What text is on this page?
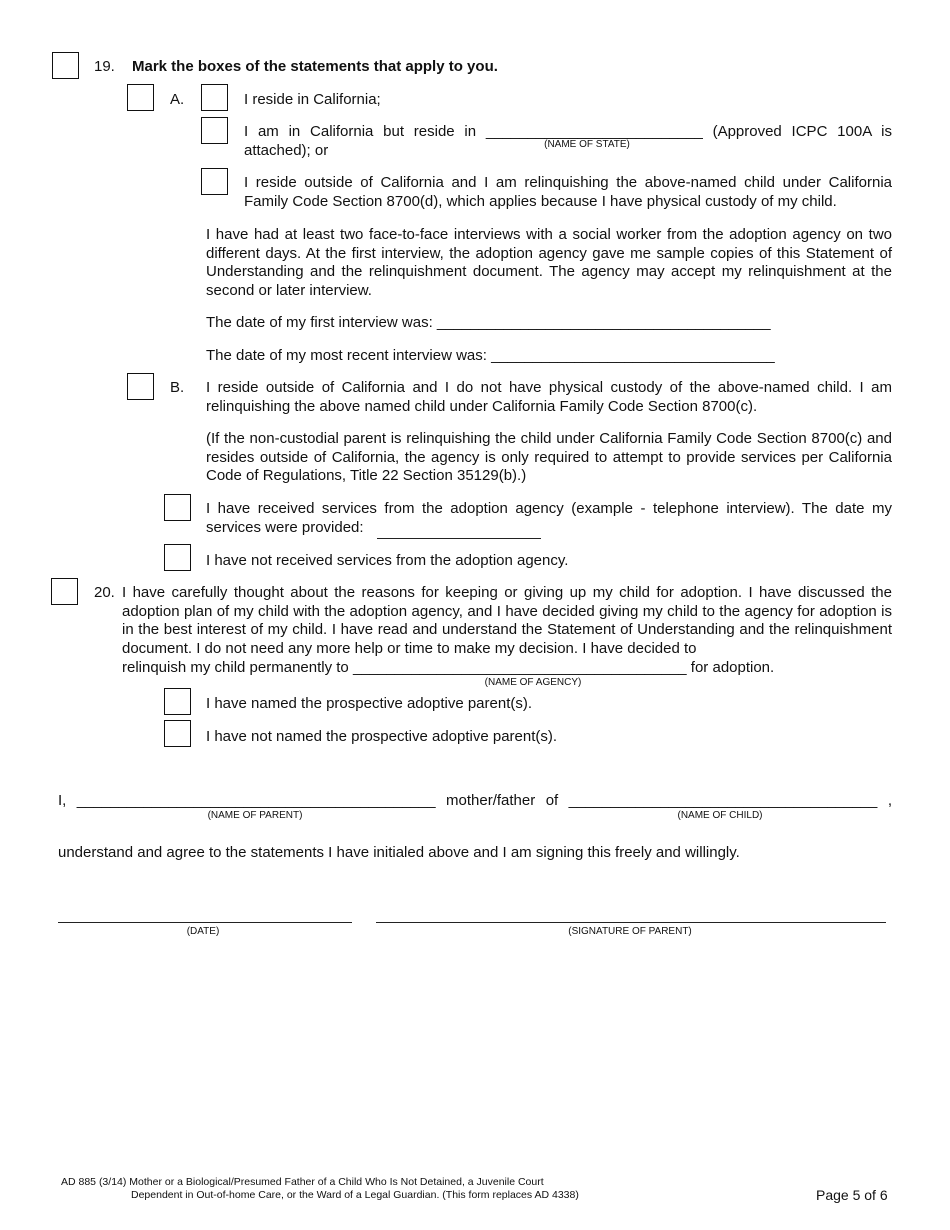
19. Mark the boxes of the statements that apply to you.
A.	I reside in California;
I am in California but reside in __________________________ (Approved ICPC 100A is
attached); or	(NAME OF STATE)
I reside outside of California and I am relinquishing the above-named child under California Family Code Section 8700(d), which applies because I have physical custody of my child.
I have had at least two face-to-face interviews with a social worker from the adoption agency on two different days. At the first interview, the adoption agency gave me sample copies of this Statement of Understanding and the relinquishment document. The agency may accept my relinquishment at the second or later interview.
The date of my first interview was: ________________________________________
The date of my most recent interview was: __________________________________
B. I reside outside of California and I do not have physical custody of the above-named child. I am relinquishing the above named child under California Family Code Section 8700(c).
(If the non-custodial parent is relinquishing the child under California Family Code Section 8700(c) and resides outside of California, the agency is only required to attempt to provide services per California Code of Regulations, Title 22 Section 35129(b).)
I have received services from the adoption agency (example - telephone interview). The date my
services were provided:
I have not received services from the adoption agency.
20. I have carefully thought about the reasons for keeping or giving up my child for adoption. I have discussed the adoption plan of my child with the adoption agency, and I have decided giving my child to the agency for adoption is in the best interest of my child. I have read and understand the Statement of Understanding and the relinquishment document. I do not need any more help or time to make my decision. I have decided to
relinquish my child permanently to ________________________________________ for adoption.
(NAME OF AGENCY)
I have named the prospective adoptive parent(s).
I have not named the prospective adoptive parent(s).
I, ___________________________________________ mother/father of _____________________________________ ,
(NAME OF PARENT)	(NAME OF CHILD)
understand and agree to the statements I have initialed above and I am signing this freely and willingly.
(DATE)	(SIGNATURE OF PARENT)
AD 885 (3/14) Mother or a Biological/Presumed Father of a Child Who Is Not Detained, a Juvenile Court
Dependent in Out-of-home Care, or the Ward of a Legal Guardian. (This form replaces AD 4338)	Page 5 of 6
